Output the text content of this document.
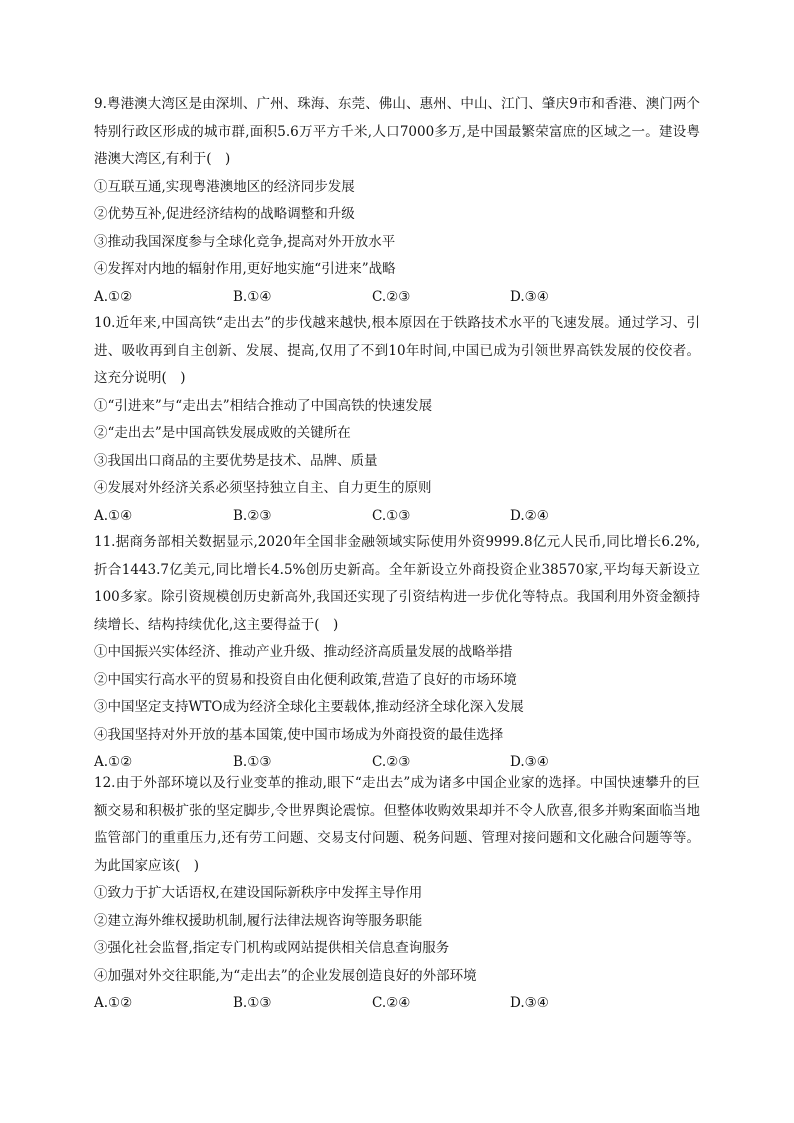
9.粤港澳大湾区是由深圳、广州、珠海、东莞、佛山、惠州、中山、江门、肇庆9市和香港、澳门两个特别行政区形成的城市群,面积5.6万平方千米,人口7000多万,是中国最繁荣富庶的区域之一。建设粤港澳大湾区,有利于(　)

①互联互通,实现粤港澳地区的经济同步发展

②优势互补,促进经济结构的战略调整和升级

③推动我国深度参与全球化竞争,提高对外开放水平

④发挥对内地的辐射作用,更好地实施“引进来”战略

A.①②	B.①④	C.②③	D.③④

10.近年来,中国高铁“走出去”的步伐越来越快,根本原因在于铁路技术水平的飞速发展。通过学习、引进、吸收再到自主创新、发展、提高,仅用了不到10年时间,中国已成为引领世界高铁发展的佼佼者。这充分说明(　)

①“引进来”与“走出去”相结合推动了中国高铁的快速发展

②“走出去”是中国高铁发展成败的关键所在

③我国出口商品的主要优势是技术、品牌、质量

④发展对外经济关系必须坚持独立自主、自力更生的原则

A.①④	B.②③	C.①③	D.②④

11.据商务部相关数据显示,2020年全国非金融领域实际使用外资9999.8亿元人民币,同比增长6.2%,折合1443.7亿美元,同比增长4.5%创历史新高。全年新设立外商投资企业38570家,平均每天新设立100多家。除引资规模创历史新高外,我国还实现了引资结构进一步优化等特点。我国利用外资金额持续增长、结构持续优化,这主要得益于(　)

①中国振兴实体经济、推动产业升级、推动经济高质量发展的战略举措

②中国实行高水平的贸易和投资自由化便利政策,营造了良好的市场环境

③中国坚定支持WTO成为经济全球化主要载体,推动经济全球化深入发展

④我国坚持对外开放的基本国策,使中国市场成为外商投资的最佳选择

A.①②	B.①③	C.②③	D.③④

12.由于外部环境以及行业变革的推动,眼下“走出去”成为诸多中国企业家的选择。中国快速攀升的巨额交易和积极扩张的坚定脚步,令世界舆论震惊。但整体收购效果却并不令人欣喜,很多并购案面临当地监管部门的重重压力,还有劳工问题、交易支付问题、税务问题、管理对接问题和文化融合问题等等。为此国家应该(　)

①致力于扩大话语权,在建设国际新秩序中发挥主导作用

②建立海外维权援助机制,履行法律法规咨询等服务职能

③强化社会监督,指定专门机构或网站提供相关信息查询服务

④加强对外交往职能,为“走出去”的企业发展创造良好的外部环境

A.①②	B.①③	C.②④	D.③④
